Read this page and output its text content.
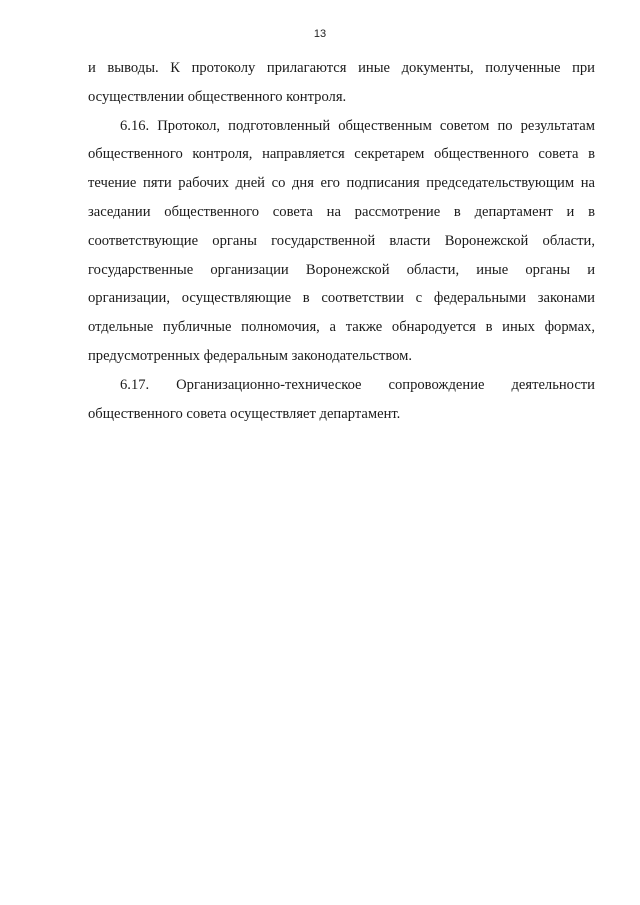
13

и выводы. К протоколу прилагаются иные документы, полученные при осуществлении общественного контроля.

6.16. Протокол, подготовленный общественным советом по результатам общественного контроля, направляется секретарем общественного совета в течение пяти рабочих дней со дня его подписания председательствующим на заседании общественного совета на рассмотрение в департамент и в соответствующие органы государственной власти Воронежской области, государственные организации Воронежской области, иные органы и организации, осуществляющие в соответствии с федеральными законами отдельные публичные полномочия, а также обнародуется в иных формах, предусмотренных федеральным законодательством.

6.17. Организационно-техническое сопровождение деятельности

общественного совета осуществляет департамент.
